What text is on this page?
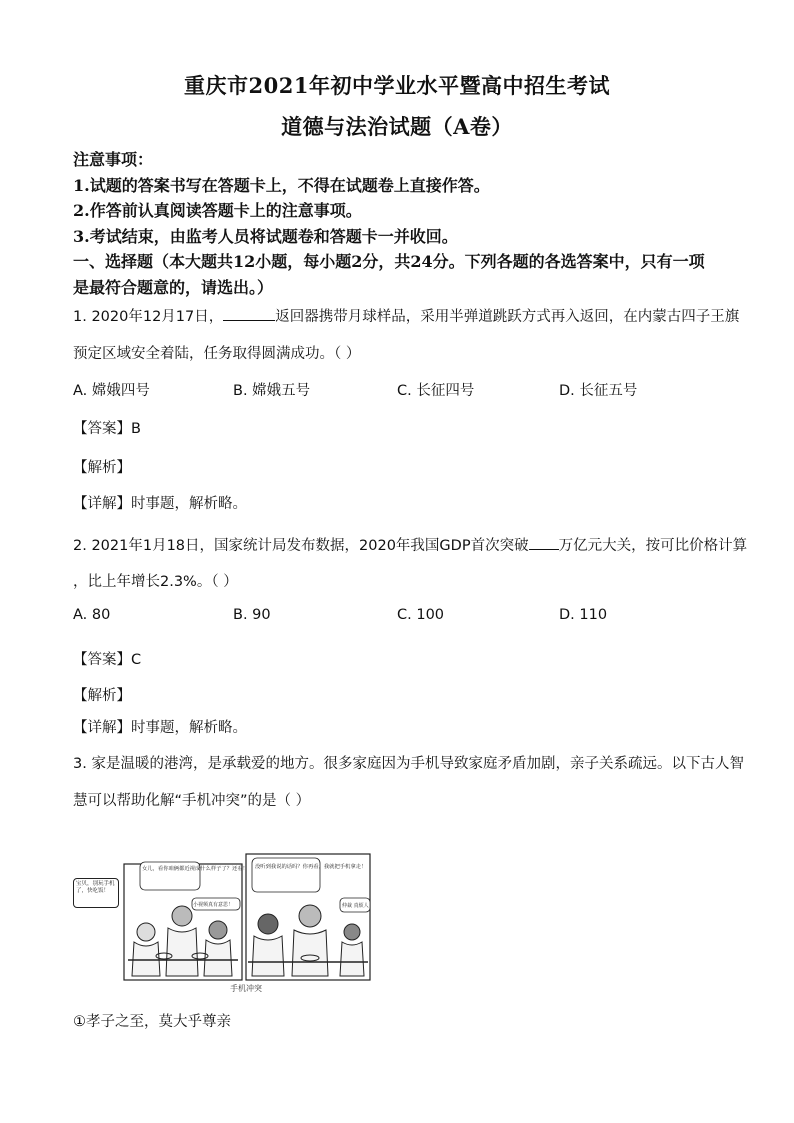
重庆市2021年初中学业水平暨高中招生考试
道德与法治试题（A卷）
注意事项：
1.试题的答案书写在答题卡上，不得在试题卷上直接作答。
2.作答前认真阅读答题卡上的注意事项。
3.考试结束，由监考人员将试题卷和答题卡一并收回。
一、选择题（本大题共12小题，每小题2分，共24分。下列各题的各选答案中，只有一项
是最符合题意的，请选出。）
1. 2020年12月17日，	返回器携带月球样品，采用半弹道跳跃方式再入返回，在内蒙古四子王旗
预定区域安全着陆，任务取得圆满成功。（ ）
A. 嫦娥四号	B. 嫦娥五号	C. 长征四号	D. 长征五号
【答案】B
【解析】
【详解】时事题，解析略。
2. 2021年1月18日，国家统计局发布数据，2020年我国GDP首次突破 万亿元大关，按可比价格计算
，比上年增长2.3%。（ ）
A. 80	B. 90	C. 100	D. 110
【答案】C
【解析】
【详解】时事题，解析略。
3. 家是温暖的港湾，是承载爱的地方。很多家庭因为手机导致家庭矛盾加剧，亲子关系疏远。以下古人智
慧可以帮助化解“手机冲突”的是（ ）
女儿，看你咱俩都近视成什么样子了？还看！
小视频真有意思！
没听到我说的话吗？你再看，我就把手机拿走！
仲裁 真烦人
宝贝，别玩手机了，快吃饭！
手机冲突
①孝子之至，莫大乎尊亲
